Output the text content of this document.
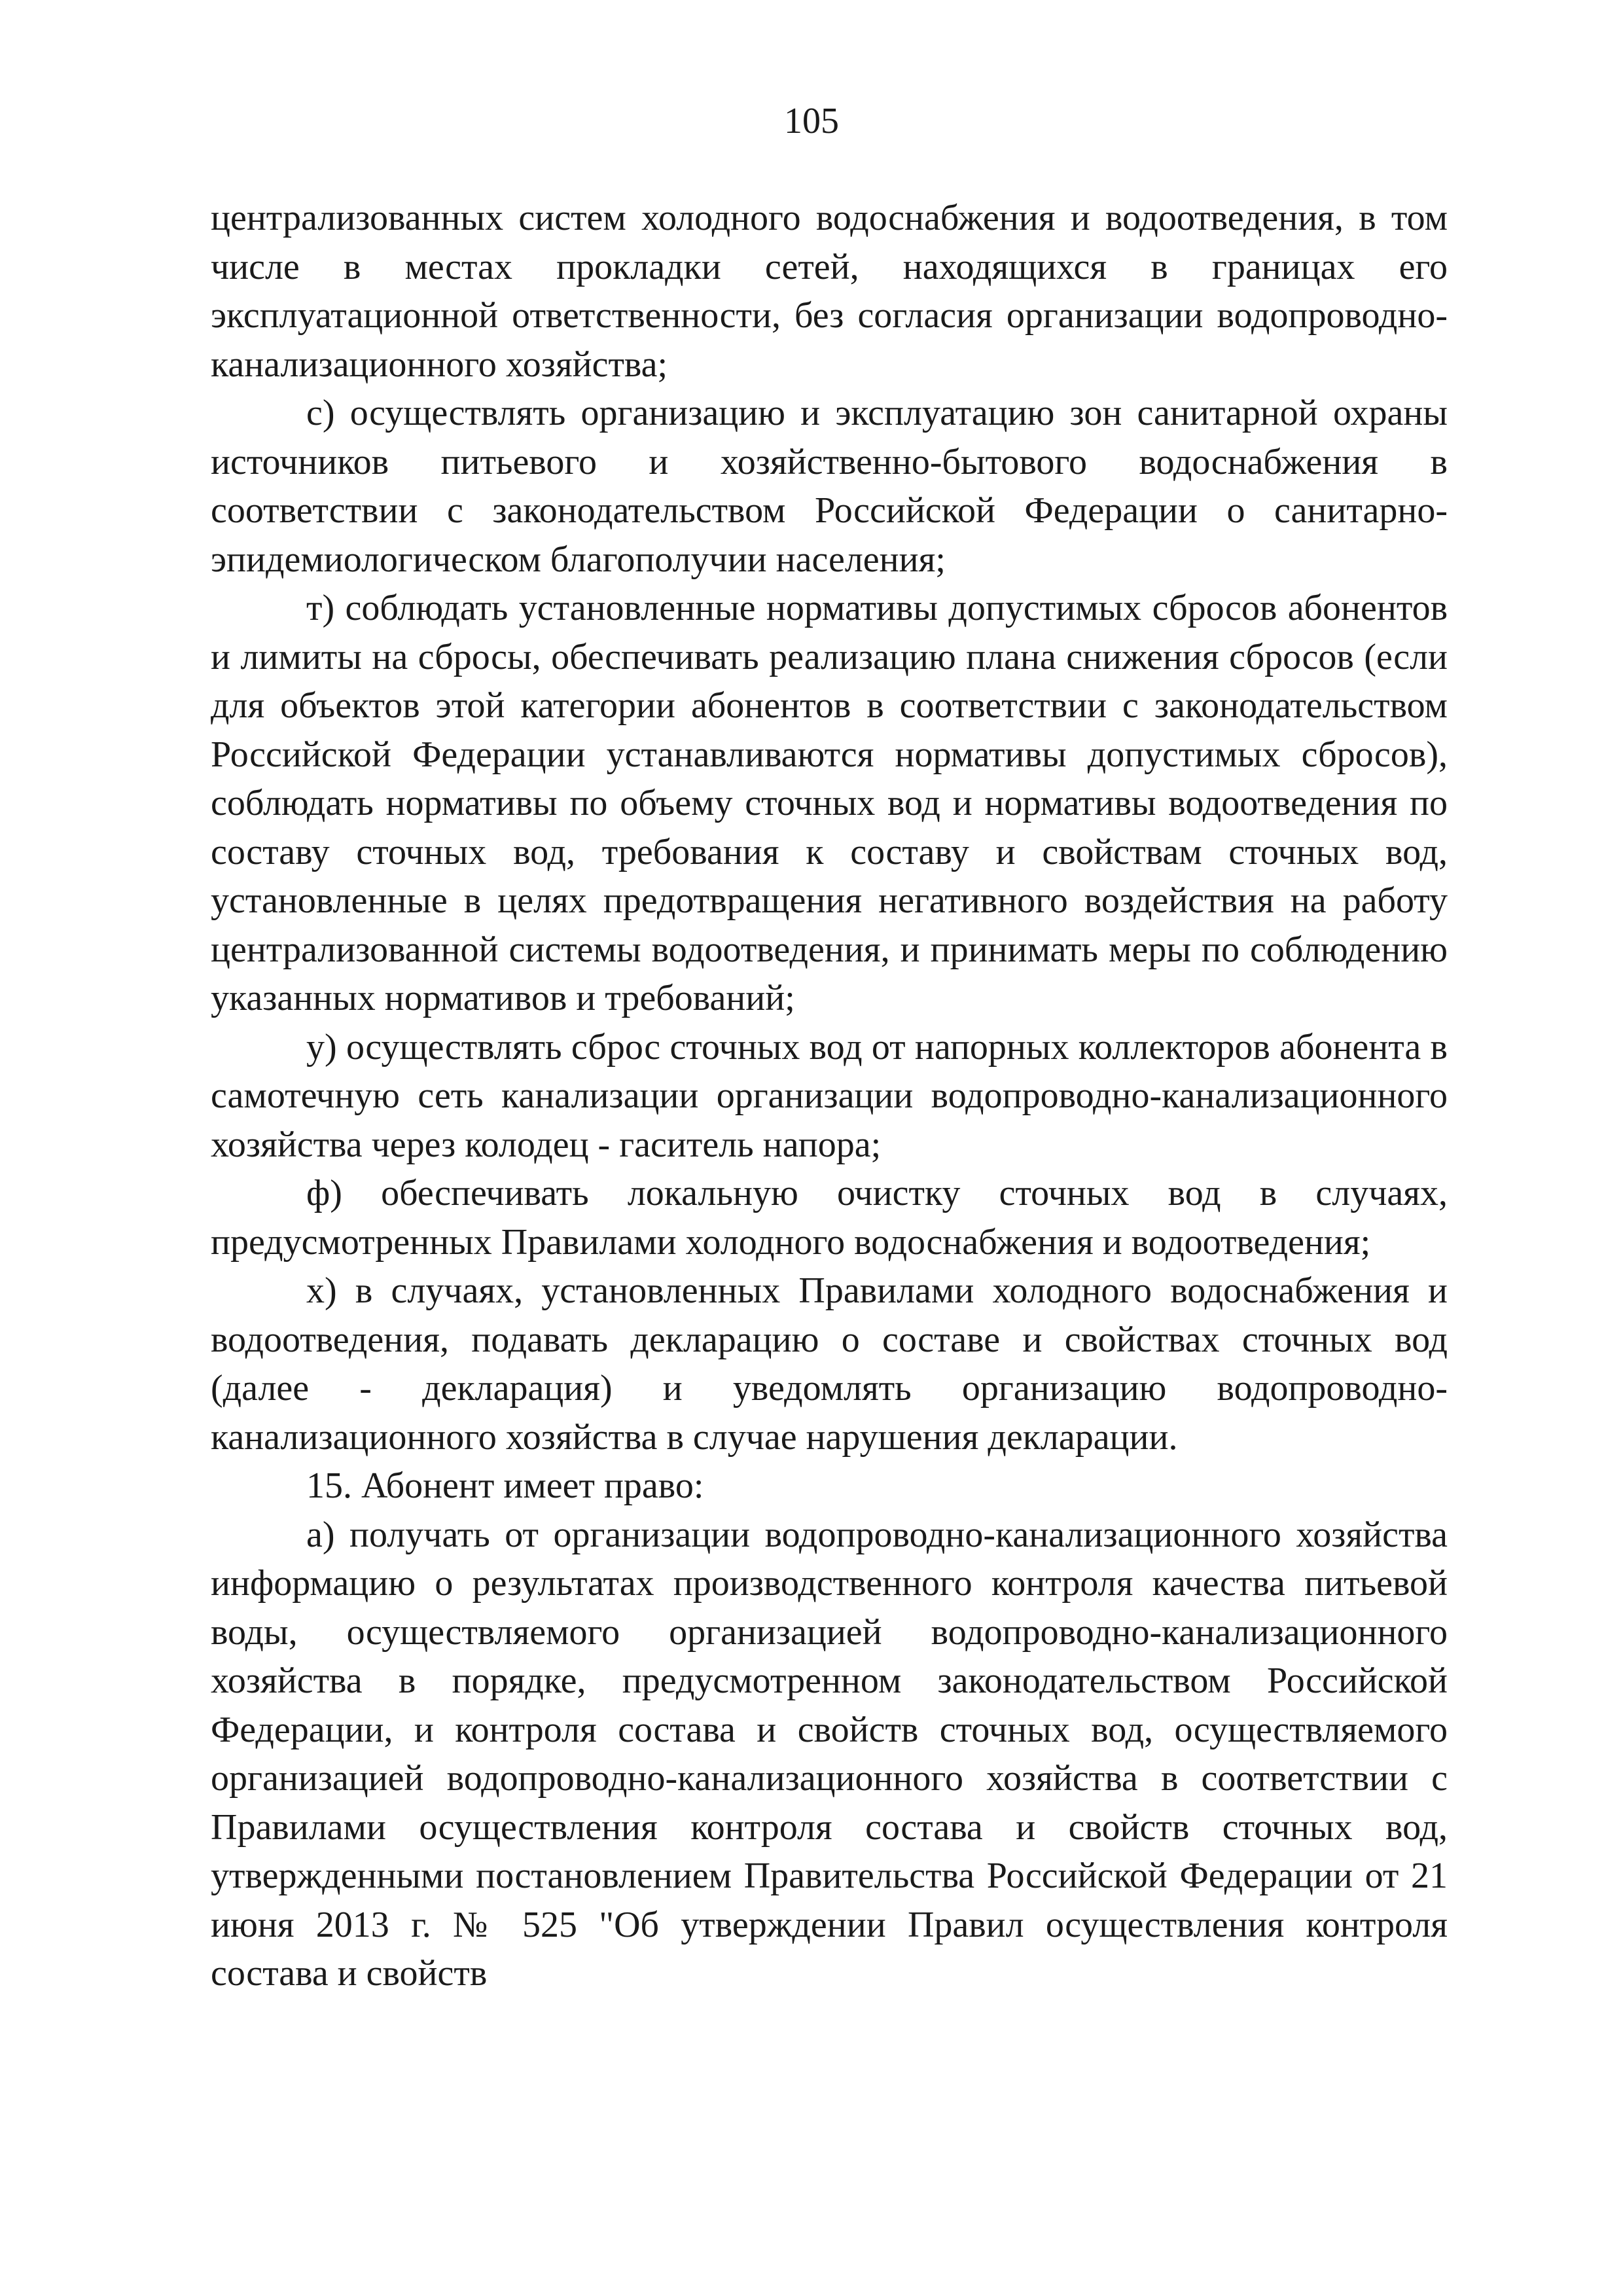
105

централизованных систем холодного водоснабжения и водоотведения, в том числе в местах прокладки сетей, находящихся в границах его эксплуатационной ответственности, без согласия организации водопроводно-канализационного хозяйства;

с) осуществлять организацию и эксплуатацию зон санитарной охраны источников питьевого и хозяйственно-бытового водоснабжения в соответствии с законодательством Российской Федерации о санитарно-эпидемиологическом благополучии населения;

т) соблюдать установленные нормативы допустимых сбросов абонентов и лимиты на сбросы, обеспечивать реализацию плана снижения сбросов (если для объектов этой категории абонентов в соответствии с законодательством Российской Федерации устанавливаются нормативы допустимых сбросов), соблюдать нормативы по объему сточных вод и нормативы водоотведения по составу сточных вод, требования к составу и свойствам сточных вод, установленные в целях предотвращения негативного воздействия на работу централизованной системы водоотведения, и принимать меры по соблюдению указанных нормативов и требований;

у) осуществлять сброс сточных вод от напорных коллекторов абонента в самотечную сеть канализации организации водопроводно-канализационного хозяйства через колодец - гаситель напора;

ф) обеспечивать локальную очистку сточных вод в случаях, предусмотренных Правилами холодного водоснабжения и водоотведения;

х) в случаях, установленных Правилами холодного водоснабжения и водоотведения, подавать декларацию о составе и свойствах сточных вод (далее - декларация) и уведомлять организацию водопроводно-канализационного хозяйства в случае нарушения декларации.

15. Абонент имеет право:

а) получать от организации водопроводно-канализационного хозяйства информацию о результатах производственного контроля качества питьевой воды, осуществляемого организацией водопроводно-канализационного хозяйства в порядке, предусмотренном законодательством Российской Федерации, и контроля состава и свойств сточных вод, осуществляемого организацией водопроводно-канализационного хозяйства в соответствии с Правилами осуществления контроля состава и свойств сточных вод, утвержденными постановлением Правительства Российской Федерации от 21 июня 2013 г. № 525 "Об утверждении Правил осуществления контроля состава и свойств
